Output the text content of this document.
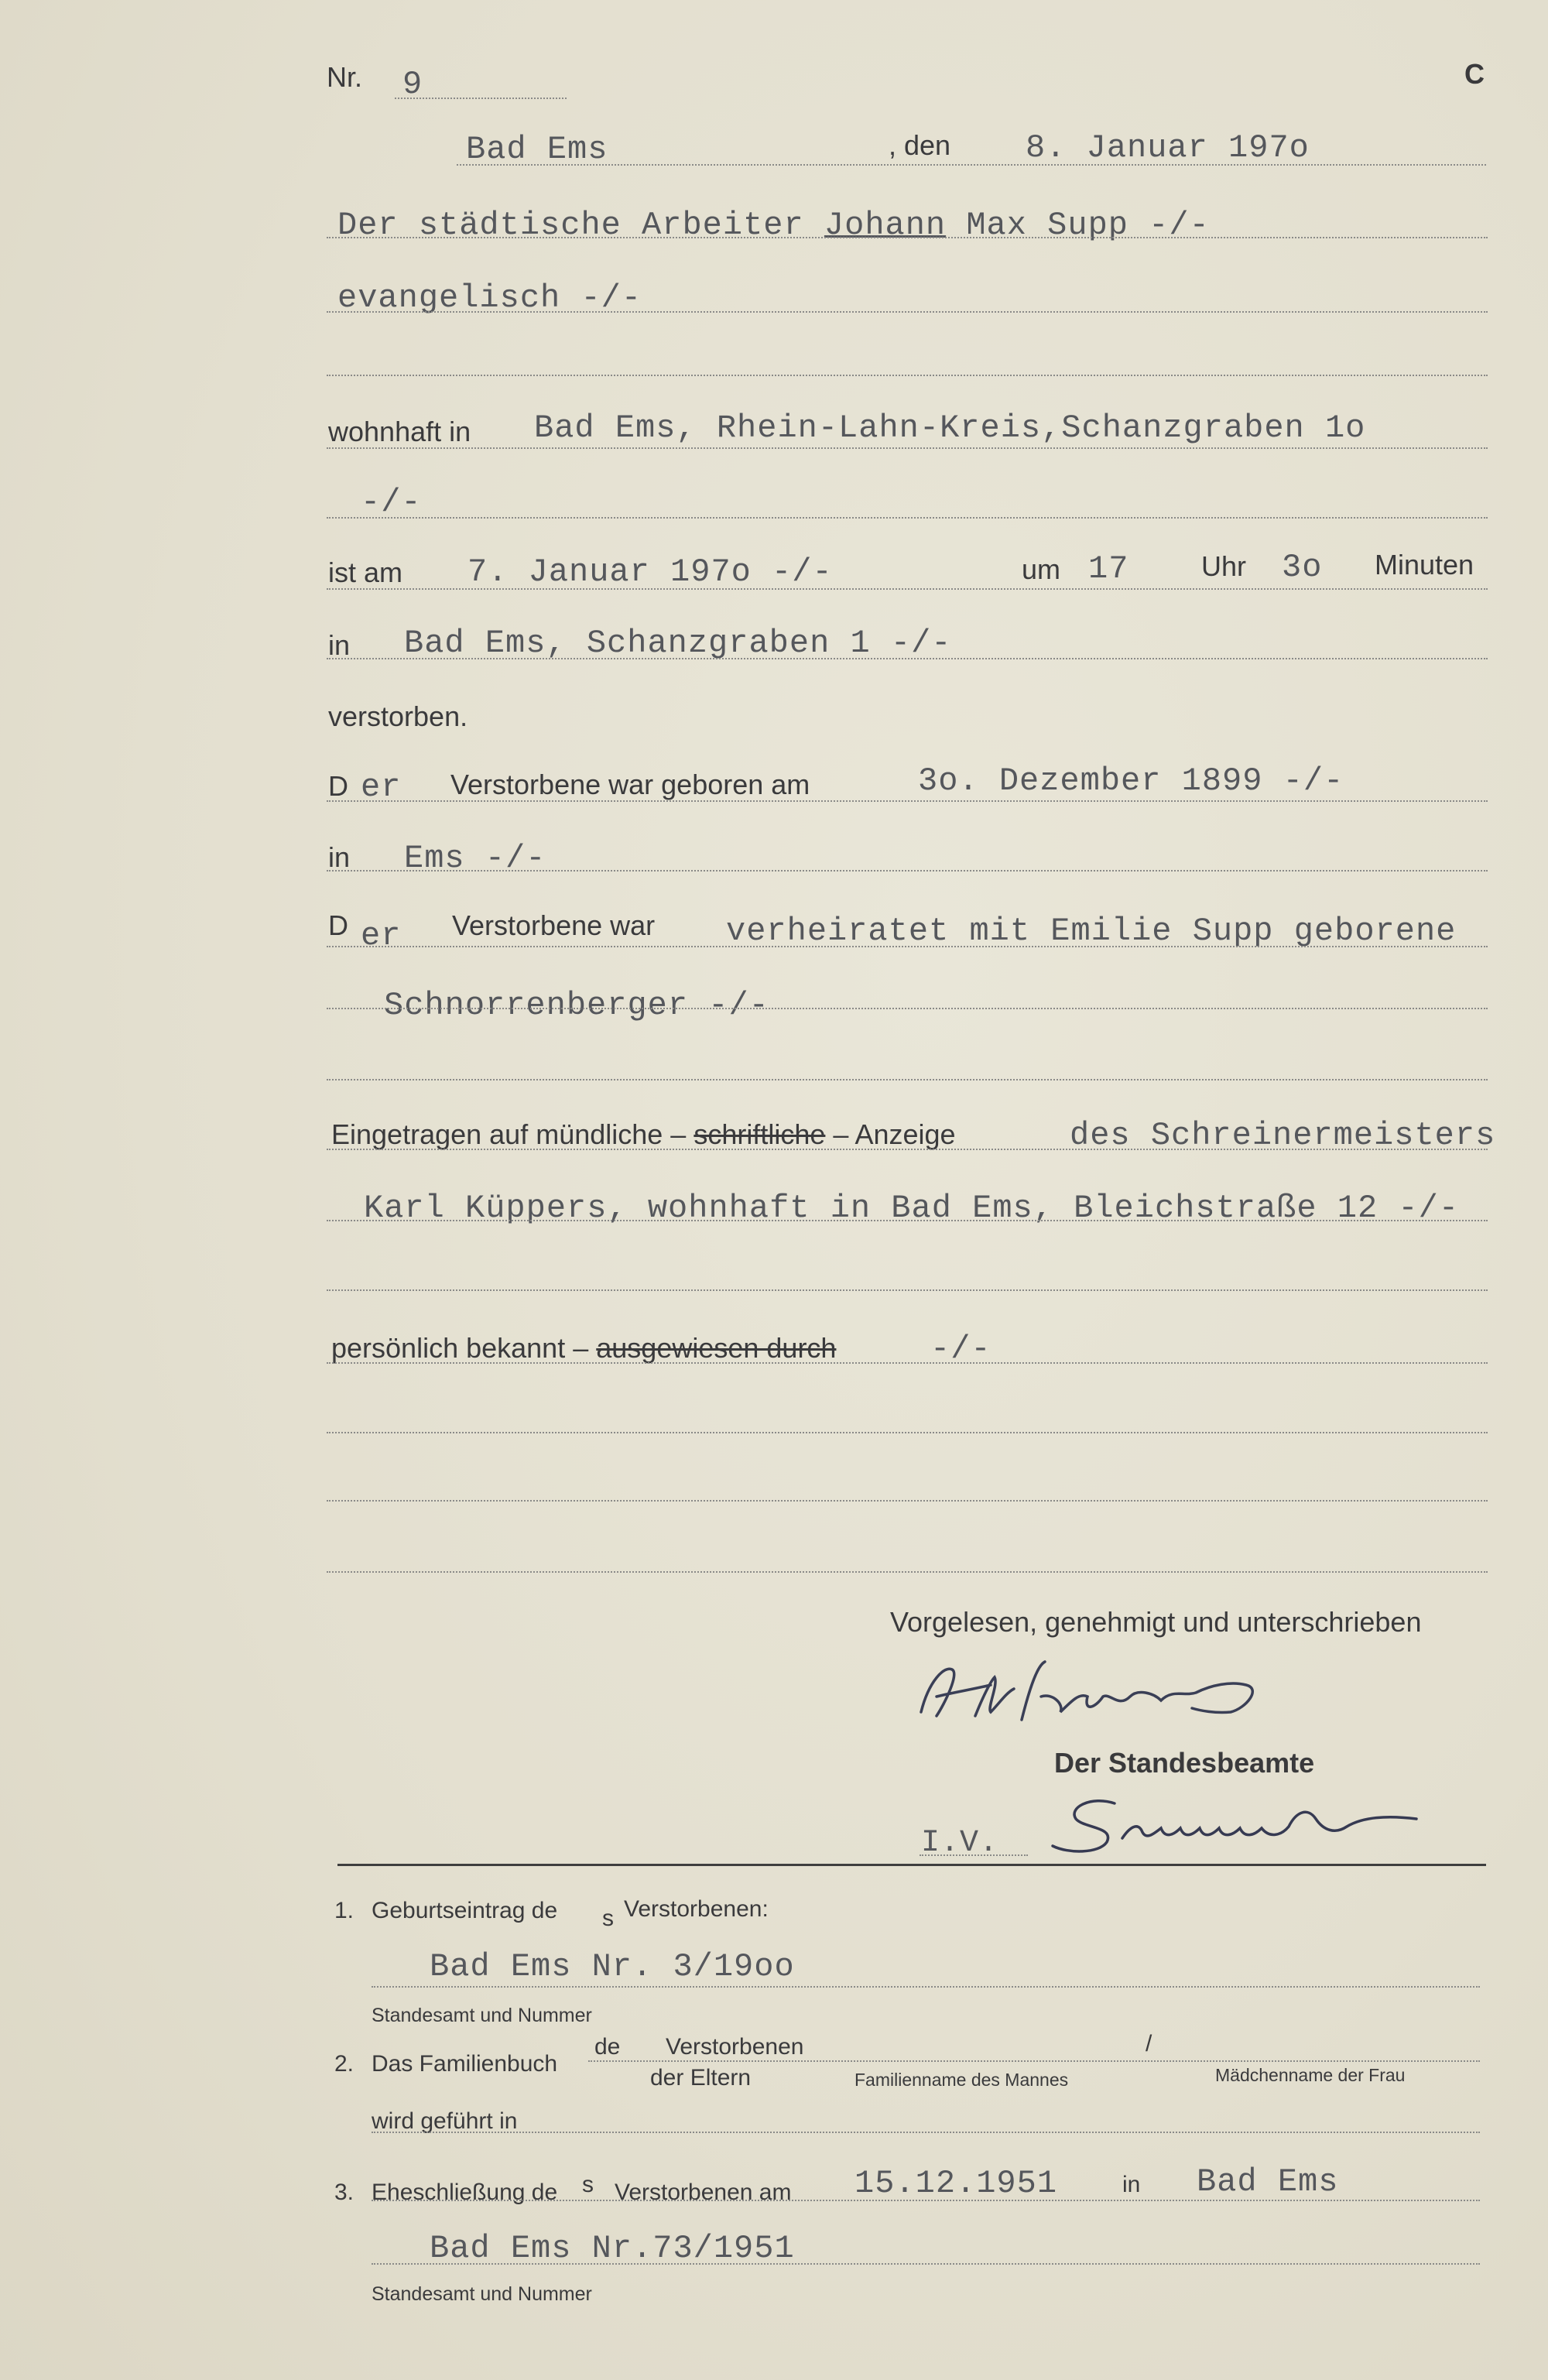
Nr. 9	C
Bad Ems	, den 8. Januar 197o
Der städtische Arbeiter Johann Max Supp -/-
evangelisch -/-
wohnhaft in Bad Ems, Rhein-Lahn-Kreis,Schanzgraben 1o
-/-
ist am 7. Januar 197o -/-	um 17	Uhr 3o Minuten
in Bad Ems, Schanzgraben 1 -/-
verstorben.
D er Verstorbene war geboren am	3o. Dezember 1899 -/-
in Ems -/-
D er Verstorbene war verheiratet mit Emilie Supp geborene
Schnorrenberger -/-
Eingetragen auf mündliche – schriftliche – Anzeige	des Schreinermeisters
Karl Küppers, wohnhaft in Bad Ems, Bleichstraße 12 -/-
persönlich bekannt – ausgewiesen durch	-/-
Vorgelesen, genehmigt und unterschrieben
Der Standesbeamte
I.V.
1. Geburtseintrag de s Verstorbenen:
Bad Ems Nr. 3/19oo
Standesamt und Nummer
2. Das Familienbuch
de Verstorbenen	/
der Eltern	Familienname des Mannes	Mädchenname der Frau
wird geführt in
3. Eheschließung de s Verstorbenen am 15.12.1951	in Bad Ems
Bad Ems Nr.73/1951
Standesamt und Nummer
